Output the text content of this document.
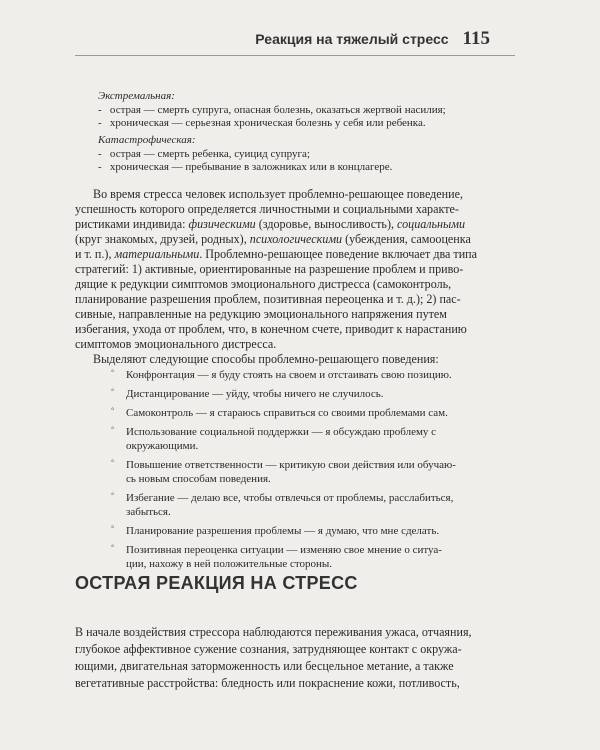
Реакция на тяжелый стресс 115
Экстремальная:
-   острая — смерть супруга, опасная болезнь, оказаться жертвой насилия;
-   хроническая — серьезная хроническая болезнь у себя или ребенка.
Катастрофическая:
-   острая — смерть ребенка, суицид супруга;
-   хроническая — пребывание в заложниках или в концлагере.
Во время стресса человек использует проблемно-решающее поведение,
успешность которого определяется личностными и социальными характе-
ристиками индивида: физическими (здоровье, выносливость), социальными
(круг знакомых, друзей, родных), психологическими (убеждения, самооценка
и т. п.), материальными. Проблемно-решающее поведение включает два типа
стратегий: 1) активные, ориентированные на разрешение проблем и приво-
дящие к редукции симптомов эмоционального дистресса (самоконтроль,
планирование разрешения проблем, позитивная переоценка и т. д.); 2) пас-
сивные, направленные на редукцию эмоционального напряжения путем
избегания, ухода от проблем, что, в конечном счете, приводит к нарастанию
симптомов эмоционального дистресса.
Выделяют следующие способы проблемно-решающего поведения:
° Конфронтация — я буду стоять на своем и отстаивать свою позицию.
° Дистанцирование — уйду, чтобы ничего не случилось.
° Самоконтроль — я стараюсь справиться со своими проблемами сам.
° Использование социальной поддержки — я обсуждаю проблему с
окружающими.
° Повышение ответственности — критикую свои действия или обучаю-
сь новым способам поведения.
° Избегание — делаю все, чтобы отвлечься от проблемы, расслабиться,
забыться.
° Планирование разрешения проблемы — я думаю, что мне сделать.
° Позитивная переоценка ситуации — изменяю свое мнение о ситуа-
ции, нахожу в ней положительные стороны.
ОСТРАЯ РЕАКЦИЯ НА СТРЕСС
В начале воздействия стрессора наблюдаются переживания ужаса, отчаяния,
глубокое аффективное сужение сознания, затрудняющее контакт с окружа-
ющими, двигательная заторможенность или бесцельное метание, а также
вегетативные расстройства: бледность или покраснение кожи, потливость,
